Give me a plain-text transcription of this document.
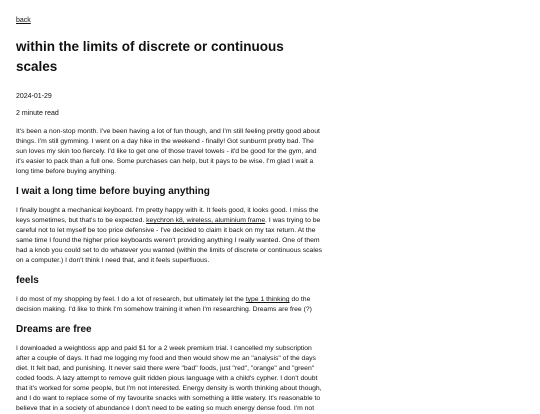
back
within the limits of discrete or continuous scales
2024-01-29
2 minute read

It's been a non-stop month. I've been having a lot of fun though, and I'm still feeling pretty good about things. I'm still gymming. I went on a day hike in the weekend - finally! Got sunburnt pretty bad. The sun loves my skin too fiercely. I'd like to get one of those travel towels - it'd be good for the gym, and it's easier to pack than a full one. Some purchases can help, but it pays to be wise. I'm glad I wait a long time before buying anything.

I wait a long time before buying anything

I finally bought a mechanical keyboard. I'm pretty happy with it. It feels good, it looks good. I miss the keys sometimes, but that's to be expected. keychron k8, wireless, aluminium frame. I was trying to be careful not to let myself be too price defensive - I've decided to claim it back on my tax return. At the same time I found the higher price keyboards weren't providing anything I really wanted. One of them had a knob you could set to do whatever you wanted (within the limits of discrete or continuous scales on a computer.) I don't think I need that, and it feels superfluous.

feels

I do most of my shopping by feel. I do a lot of research, but ultimately let the type 1 thinking do the decision making. I'd like to think I'm somehow training it when I'm researching. Dreams are free (?)

Dreams are free

I downloaded a weightloss app and paid $1 for a 2 week premium trial. I cancelled my subscription after a couple of days. It had me logging my food and then would show me an "analysis" of the days diet. It felt bad, and punishing. It never said there were "bad" foods, just "red", "orange" and "green" coded foods. A lazy attempt to remove guilt ridden pious language with a child's cypher. I don't doubt that it's worked for some people, but I'm not interested. Energy density is worth thinking about though, and I do want to replace some of my favourite snacks with something a little watery. It's reasonable to believe that in a society of abundance I don't need to be eating so much energy dense food. I'm not
